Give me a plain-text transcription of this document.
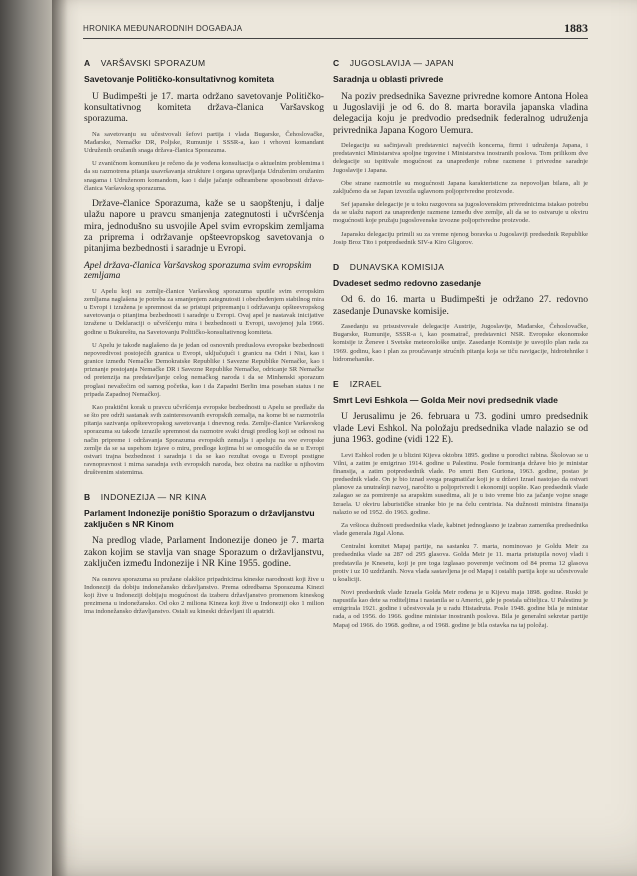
HRONIKA MEĐUNARODNIH DOGAĐAJA	1883
A VARŠAVSKI SPORAZUM
Savetovanje Političko-konsultativnog komiteta

U Budimpešti je 17. marta održano savetovanje Političko-konsultativnog komiteta država-članica Varšavskog sporazuma.

Na savetovanju su učestvovali šefovi partija i vlada Bugarske, Čehoslovačke, Mađarske, Nemačke DR, Poljske, Rumunije i SSSR-a, kao i vrhovni komandant Udruženih oružanih snaga država-članica Sporazuma.

U zvaničnom komunikeu je rečeno da je vođena konsultacija o aktuelnim problemima i da su razmotrena pitanja usavršavanja strukture i organa upravljanja Udruženim oružanim snagama i Udruženom komandom, kao i dalje jačanje odbrambene sposobnosti država-članica Varšavskog sporazuma.

Države-članice Sporazuma, kaže se u saopštenju, i dalje ulažu napore u pravcu smanjenja zategnutosti i učvršćenja mira, jednodušno su usvojile Apel svim evropskim zemljama za priprema i održavanje opšteevropskog savetovanja o pitanjima bezbednosti i saradnje u Evropi.

Apel država-članica Varšavskog sporazuma svim evropskim zemljama

U Apelu koji su zemlje-članice Varšavskog sporazuma uputile svim evropskim zemljama naglašena je potreba za smanjenjem zategnutosti i obezbeđenjem stabilnog mira u Evropi i izražena je spremnost da se pristupi pripremanju i održavanju opšteevropskog savetovanja o pitanjima bezbednosti i saradnje u Evropi. Ovaj apel je nastavak inicijative izražene u Deklaraciji o učvršćenju mira i bezbednosti u Evropi, usvojenoj jula 1966. godine u Bukureštu, na Savetovanju Političko-konsultativnog komiteta.

U Apelu je takođe naglašeno da je jedan od osnovnih preduslova evropske bezbednosti nepovredivost postojećih granica u Evropi, uključujući i granicu na Odri i Nisi, kao i granice između Nemačke Demokratske Republike i Savezne Republike Nemačke, kao i priznanje postojanja Nemačke DR i Savezne Republike Nemačke, odricanje SR Nemačke od pretenzija na predstavljanje celog nemačkog naroda i da se Minhenski sporazum proglasi nevažećim od samog početka, kao i da Zapadni Berlin ima poseban status i ne pripada Zapadnoj Nemačkoj.

Kao praktični korak u pravcu učvršćenja evropske bezbednosti u Apelu se predlaže da se što pre održi sastanak svih zainteresovanih evropskih zemalja, na kome bi se razmotrila pitanja sazivanja opšteevropskog savetovanja i dnevnog reda. Zemlje-članice Varšavskog sporazuma su takođe izrazile spremnost da razmotre svaki drugi predlog koji se odnosi na način pripreme i održavanja Sporazuma evropskih zemalja i apeluju na sve evropske zemlje da se sa uspehom izjave o miru, predloge kojima bi se omogućilo da se u Evropi ostvari trajna bezbednost i saradnja i da se kao rezultat ovoga u Evropi postigne ravnopravnost i mirna saradnja svih evropskih naroda, bez obzira na razlike u njihovim društvenim sistemima.

B INDONEZIJA — NR KINA
Parlament Indonezije poništio Sporazum o državljanstvu zaključen s NR Kinom

Na predlog vlade, Parlament Indonezije donео je 7. marta zakon kojim se stavlja van snage Sporazum o državljanstvu, zaključen između Indonezije i NR Kine 1955. godine.

Na osnovu sporazuma su pružane olakšice pripadnicima kineske narodnosti koji žive u Indoneziji da dobiju indonežansko državljanstvo. Prema odredbama Sporazuma Kinezi koji žive u Indoneziji dobijaju mogućnost da izaberu državljanstvo promenom kineskog prezimena u indonežansko. Od oko 2 miliona Kineza koji žive u Indoneziji oko 1 milion ima indonežansko državljanstvo. Ostali su kineski državljani ili apatridi.

C JUGOSLAVIJA — JAPAN
Saradnja u oblasti privrede

Na poziv predsednika Savezne privredne komore Antona Holea u Jugoslaviji je od 6. do 8. marta boravila japanska vladina delegacija koju je predvodio predsednik federalnog udruženja privrednika Japana Kogoro Uemura.

Delegaciju su sačinjavali predstavnici najvećih koncerna, firmi i udruženja Japana, i predstavnici Ministarstva spoljne trgovine i Ministarstva inostranih poslova. Tom prilikom dve delegacije su ispitivale mogućnost za unapređenje robne razmene i privredne saradnje Jugoslavije i Japana.

Obe strane razmotrile su mogućnosti Japana karakteristicne za nepovoljan bilans, ali je zaključeno da se Japan izvozila uglavnom poljoprivredne proizvode.

Sef japanske delegacije je u toku razgovora sa jugoslovenskim privrednicima istakao potrebu da se ulažu napori za unapređenje razmene između dve zemlje, ali da se to ostvaruje u okviru mogućnosti koje pružaju jugoslovenske izvozne poljoprivredne proizvode.

Japansku delegaciju primili su za vreme njenog boravka u Jugoslaviji predsednik Republike Josip Broz Tito i potpredsednik SIV-a Kiro Gligorov.

D DUNAVSKA KOMISIJA
Dvadeset sedmo redovno zasedanje

Od 6. do 16. marta u Budimpešti je održano 27. redovno zasedanje Dunavske komisije.

Zasedanju su prisustvovale delegacije Austrije, Jugoslavije, Mađarske, Čehoslovačke, Bugarske, Rumunije, SSSR-a i, kao posmatrač, predstavnici NSR. Evropske ekonomske komisije iz Ženeve i Svetske meteorološke unije. Zasedanje Komisije je usvojilo plan rada za 1969. godinu, kao i plan za proučavanje strućnih pitanja koja se tiču navigacije, hidrotehnike i hidromehanike.

E IZRAEL
Smrt Levi Eshkola — Golda Meir novi predsednik vlade

U Jerusalimu je 26. februara u 73. godini umro predsednik vlade Levi Eshkol. Na položaju predsednika vlade nalazio se od juna 1963. godine (vidi 122 E).

Levi Eshkol rođen je u blizini Kijeva oktobra 1895. godine u porodici rabina. Školovao se u Vilni, a zatim je emigrirao 1914. godine u Palestinu. Posle formiranja države bio je ministar finansija, a zatim potpredsednik vlade. Po smrti Ben Guriona, 1963. godine, postao je predsednik vlade. On je bio iznad svega pragmatičar koji je u državi Izrael nastojao da ostvari planove za unutrašnji razvoj, naročito u poljoprivredi i ekonomiji uopšte. Kao predsednik vlade zalagao se za pomirenje sa arapskim susedima, ali je u isto vreme bio za jačanje vojne snage Izraela. U okviru laburističke stranke bio je na čelu centrista. Na dužnosti ministra finansija nalazio se od 1952. do 1963. godine.

Za vršioca dužnosti predsednika vlade, kabinet jednoglasno je izabrao zamenika predsednika vlade generala Jigal Alona.

Centralni komitet Mapaj partije, na sastanku 7. marta, nominovao je Goldu Meir za predsednika vlade sa 287 od 295 glasova. Golda Meir je 11. marta pristupila novoj vladi i predstavila je Knesetu, koji je pre toga izglasao poverenje većinom od 84 prema 12 glasova protiv i uz 10 uzdržanih. Nova vlada sastavljena je od Mapaj i ostalih partija koje su učestvovale u koaliciji.

Novi predsednik vlade Izraela Golda Meir rođena je u Kijevu maja 1898. godine. Ruski je napustila kao dete sa roditeljima i nastanila se u Americi, gde je postala učiteljica. U Palestinu je emigrirala 1921. godine i učestvovala je u radu Histadruta. Posle 1948. godine bila je ministar rada, a od 1956. do 1966. godine ministar inostranih poslova. Bila je generalni sekretar partije Mapaj od 1966. do 1968. godine, a od 1968. godine je bila ostavka na taj položaj.
